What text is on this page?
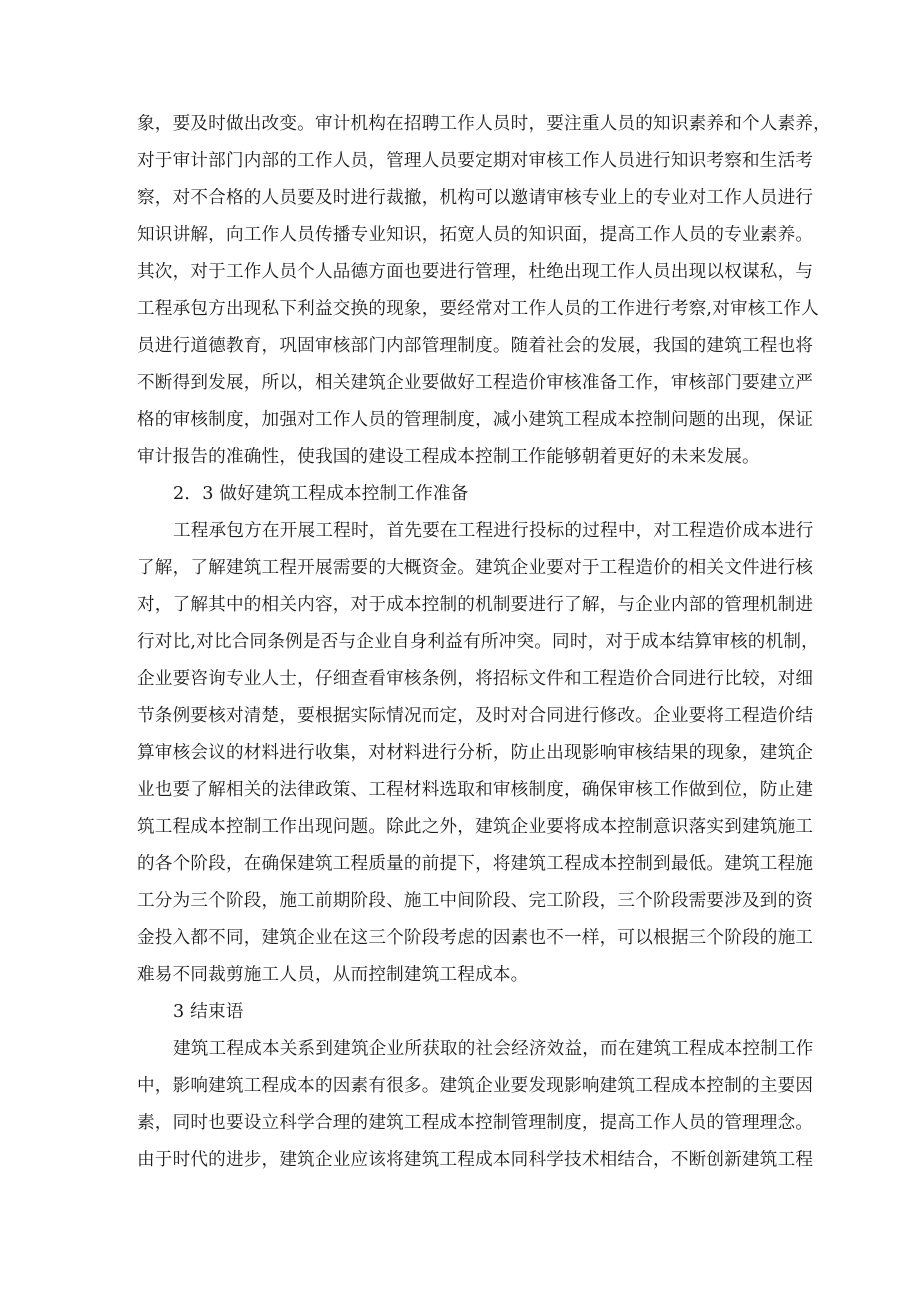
象，要及时做出改变。审计机构在招聘工作人员时，要注重人员的知识素养和个人素养，
对于审计部门内部的工作人员，管理人员要定期对审核工作人员进行知识考察和生活考
察，对不合格的人员要及时进行裁撤，机构可以邀请审核专业上的专业对工作人员进行
知识讲解，向工作人员传播专业知识，拓宽人员的知识面，提高工作人员的专业素养。
其次，对于工作人员个人品德方面也要进行管理，杜绝出现工作人员出现以权谋私，与
工程承包方出现私下利益交换的现象，要经常对工作人员的工作进行考察,对审核工作人
员进行道德教育，巩固审核部门内部管理制度。随着社会的发展，我国的建筑工程也将
不断得到发展，所以，相关建筑企业要做好工程造价审核准备工作，审核部门要建立严
格的审核制度，加强对工作人员的管理制度，减小建筑工程成本控制问题的出现，保证
审计报告的准确性，使我国的建设工程成本控制工作能够朝着更好的未来发展。
2．3 做好建筑工程成本控制工作准备
工程承包方在开展工程时，首先要在工程进行投标的过程中，对工程造价成本进行
了解，了解建筑工程开展需要的大概资金。建筑企业要对于工程造价的相关文件进行核
对，了解其中的相关内容，对于成本控制的机制要进行了解，与企业内部的管理机制进
行对比,对比合同条例是否与企业自身利益有所冲突。同时，对于成本结算审核的机制，
企业要咨询专业人士，仔细查看审核条例，将招标文件和工程造价合同进行比较，对细
节条例要核对清楚，要根据实际情况而定，及时对合同进行修改。企业要将工程造价结
算审核会议的材料进行收集，对材料进行分析，防止出现影响审核结果的现象，建筑企
业也要了解相关的法律政策、工程材料选取和审核制度，确保审核工作做到位，防止建
筑工程成本控制工作出现问题。除此之外，建筑企业要将成本控制意识落实到建筑施工
的各个阶段，在确保建筑工程质量的前提下，将建筑工程成本控制到最低。建筑工程施
工分为三个阶段，施工前期阶段、施工中间阶段、完工阶段，三个阶段需要涉及到的资
金投入都不同，建筑企业在这三个阶段考虑的因素也不一样，可以根据三个阶段的施工
难易不同裁剪施工人员，从而控制建筑工程成本。
3 结束语
建筑工程成本关系到建筑企业所获取的社会经济效益，而在建筑工程成本控制工作
中，影响建筑工程成本的因素有很多。建筑企业要发现影响建筑工程成本控制的主要因
素，同时也要设立科学合理的建筑工程成本控制管理制度，提高工作人员的管理理念。
由于时代的进步，建筑企业应该将建筑工程成本同科学技术相结合，不断创新建筑工程
